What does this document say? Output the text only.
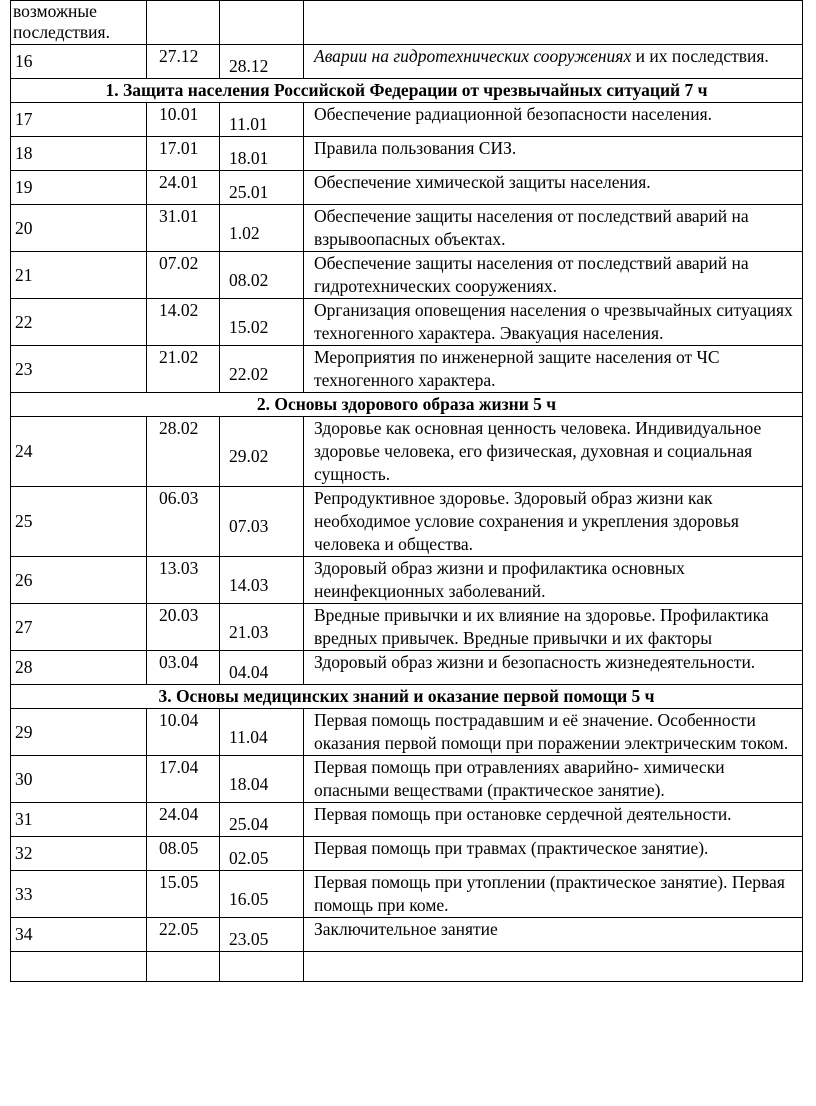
возможные последствия.			
16	27.12	28.12	Аварии на гидротехнических сооружениях и их последствия.
1. Защита населения Российской Федерации от чрезвычайных ситуаций 7 ч			
17	10.01	11.01	Обеспечение радиационной безопасности населения.
18	17.01	18.01	Правила пользования СИЗ.
19	24.01	25.01	Обеспечение химической защиты населения.
20	31.01	1.02	Обеспечение защиты населения от последствий аварий на взрывоопасных объектах.
21	07.02	08.02	Обеспечение защиты населения от последствий аварий на гидротехнических сооружениях.
22	14.02	15.02	Организация оповещения населения о чрезвычайных ситуациях техногенного характера. Эвакуация населения.
23	21.02	22.02	Мероприятия по инженерной защите населения от ЧС техногенного характера.
2. Основы здорового образа жизни 5 ч			
24	28.02	29.02	Здоровье как основная ценность человека. Индивидуальное здоровье человека, его физическая, духовная и социальная сущность.
25	06.03	07.03	Репродуктивное здоровье. Здоровый образ жизни как необходимое условие сохранения и укрепления здоровья человека и общества.
26	13.03	14.03	Здоровый образ жизни и профилактика основных неинфекционных заболеваний.
27	20.03	21.03	Вредные привычки и их влияние на здоровье. Профилактика вредных привычек. Вредные привычки и их факторы
28	03.04	04.04	Здоровый образ жизни и безопасность жизнедеятельности.
3. Основы медицинских знаний и оказание первой помощи 5 ч			
29	10.04	11.04	Первая помощь пострадавшим и её значение. Особенности оказания первой помощи при поражении электрическим током.
30	17.04	18.04	Первая помощь при отравлениях аварийно- химически опасными веществами (практическое занятие).
31	24.04	25.04	Первая помощь при остановке сердечной деятельности.
32	08.05	02.05	Первая помощь при травмах (практическое занятие).
33	15.05	16.05	Первая помощь при утоплении (практическое занятие). Первая помощь при коме.
34	22.05	23.05	Заключительное занятие
